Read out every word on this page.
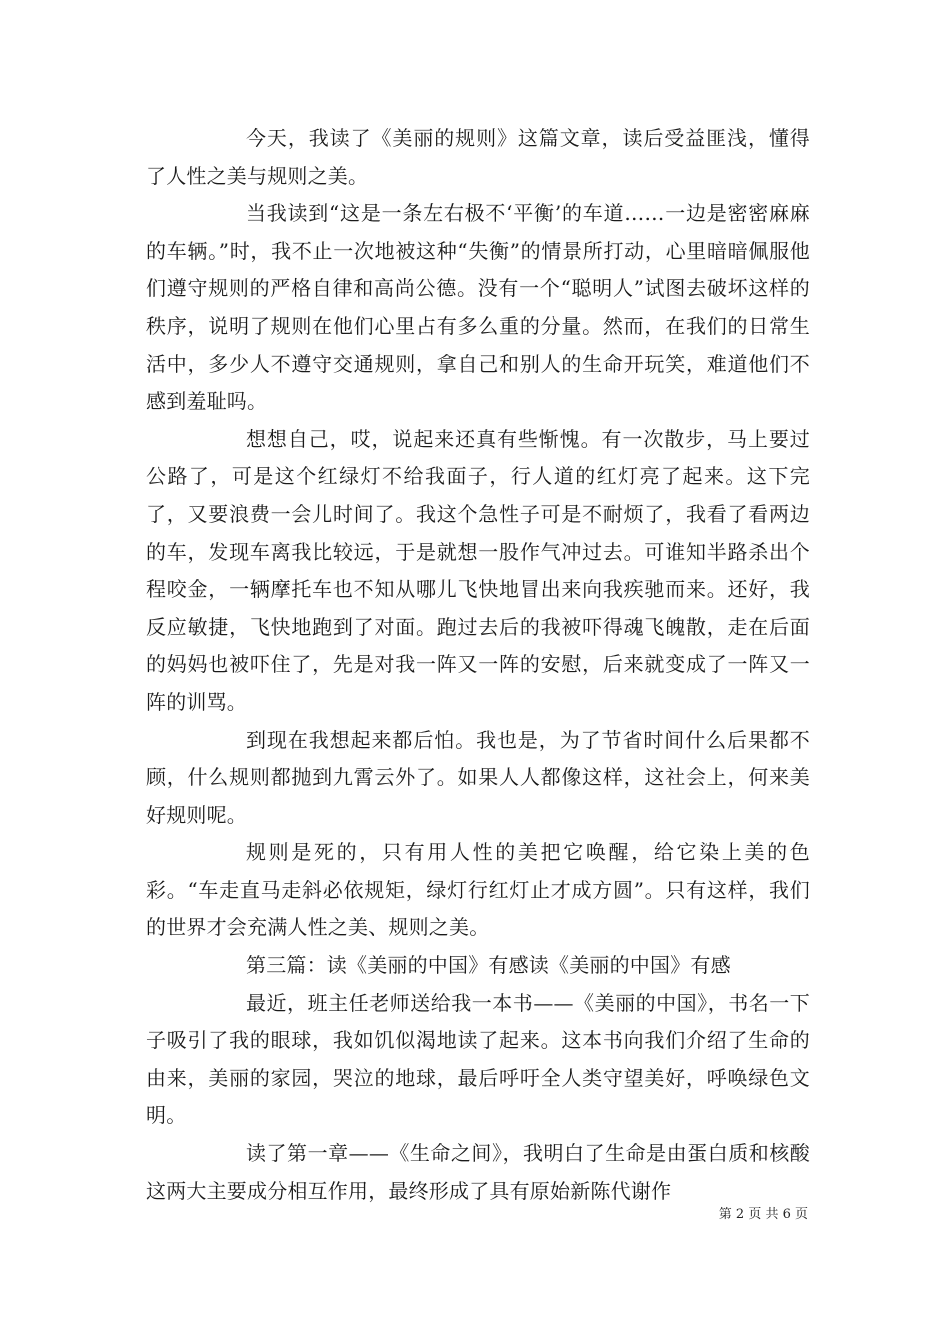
今天，我读了《美丽的规则》这篇文章，读后受益匪浅，懂得了人性之美与规则之美。

当我读到“这是一条左右极不‘平衡’的车道……一边是密密麻麻的车辆。”时，我不止一次地被这种“失衡”的情景所打动，心里暗暗佩服他们遵守规则的严格自律和高尚公德。没有一个“聪明人”试图去破坏这样的秩序，说明了规则在他们心里占有多么重的分量。然而，在我们的日常生活中，多少人不遵守交通规则，拿自己和别人的生命开玩笑，难道他们不感到羞耻吗。

想想自己，哎，说起来还真有些惭愧。有一次散步，马上要过公路了，可是这个红绿灯不给我面子，行人道的红灯亮了起来。这下完了，又要浪费一会儿时间了。我这个急性子可是不耐烦了，我看了看两边的车，发现车离我比较远，于是就想一股作气冲过去。可谁知半路杀出个程咬金，一辆摩托车也不知从哪儿飞快地冒出来向我疾驰而来。还好，我反应敏捷，飞快地跑到了对面。跑过去后的我被吓得魂飞魄散，走在后面的妈妈也被吓住了，先是对我一阵又一阵的安慰，后来就变成了一阵又一阵的训骂。

到现在我想起来都后怕。我也是，为了节省时间什么后果都不顾，什么规则都抛到九霄云外了。如果人人都像这样，这社会上，何来美好规则呢。

规则是死的，只有用人性的美把它唤醒，给它染上美的色彩。“车走直马走斜必依规矩，绿灯行红灯止才成方圆”。只有这样，我们的世界才会充满人性之美、规则之美。

第三篇：读《美丽的中国》有感读《美丽的中国》有感

最近，班主任老师送给我一本书——《美丽的中国》，书名一下子吸引了我的眼球，我如饥似渴地读了起来。这本书向我们介绍了生命的由来，美丽的家园，哭泣的地球，最后呼吁全人类守望美好，呼唤绿色文明。

读了第一章——《生命之间》，我明白了生命是由蛋白质和核酸这两大主要成分相互作用，最终形成了具有原始新陈代谢作

第 2 页 共 6 页
